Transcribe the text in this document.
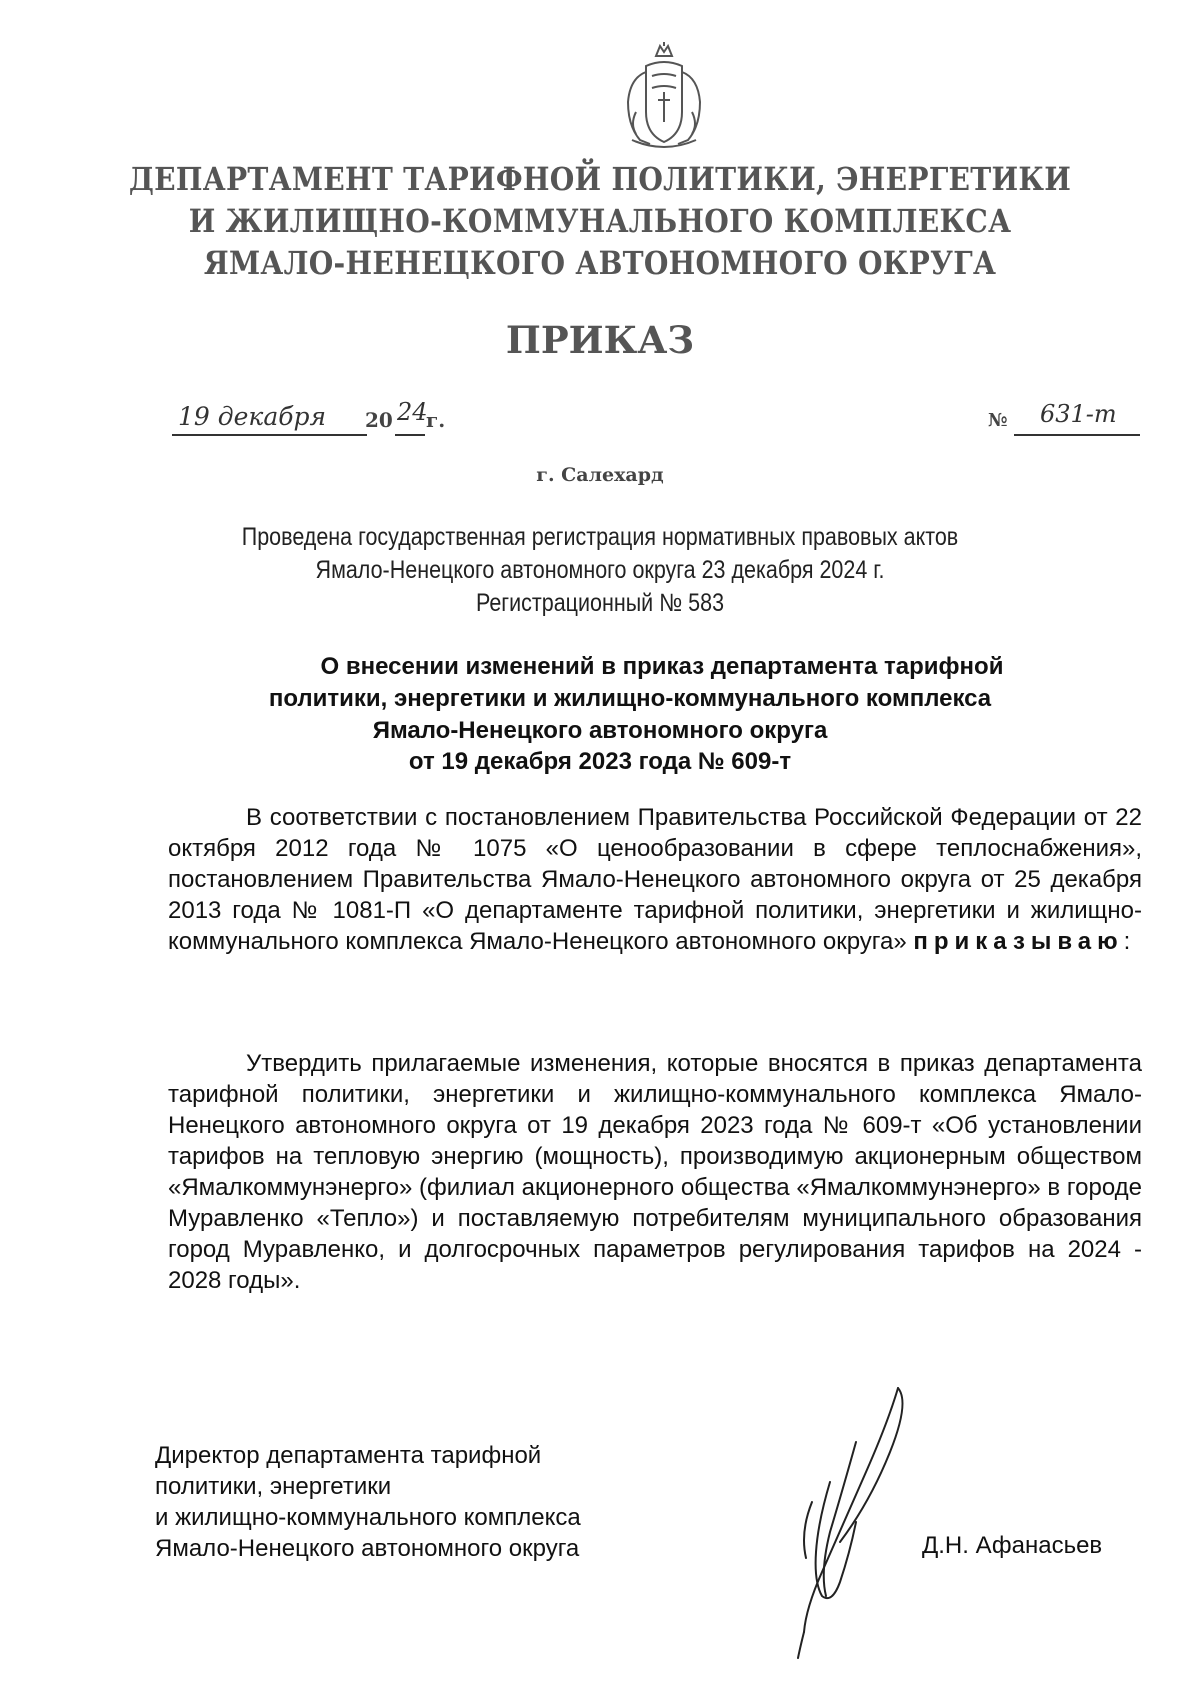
ДЕПАРТАМЕНТ ТАРИФНОЙ ПОЛИТИКИ, ЭНЕРГЕТИКИ
И ЖИЛИЩНО-КОММУНАЛЬНОГО КОМПЛЕКСА
ЯМАЛО-НЕНЕЦКОГО АВТОНОМНОГО ОКРУГА
ПРИКАЗ
19 декабря 20 24
г.	№ 631-т
г. Салехард
Проведена государственная регистрация нормативных правовых актов
Ямало-Ненецкого автономного округа 23 декабря 2024 г.
Регистрационный № 583
О внесении изменений в приказ департамента тарифной
политики, энергетики и жилищно-коммунального комплекса
Ямало-Ненецкого автономного округа
от 19 декабря 2023 года № 609-т

В соответствии с постановлением Правительства Российской Федерации от 22 октября 2012 года № 1075 «О ценообразовании в сфере теплоснабжения», постановлением Правительства Ямало-Ненецкого автономного округа от 25 декабря 2013 года № 1081-П «О департаменте тарифной политики, энергетики и жилищно-коммунального комплекса Ямало-Ненецкого автономного округа» приказываю:

Утвердить прилагаемые изменения, которые вносятся в приказ департамента тарифной политики, энергетики и жилищно-коммунального комплекса Ямало-Ненецкого автономного округа от 19 декабря 2023 года № 609-т «Об установлении тарифов на тепловую энергию (мощность), производимую акционерным обществом «Ямалкоммунэнерго» (филиал акционерного общества «Ямалкоммунэнерго» в городе Муравленко «Тепло») и поставляемую потребителям муниципального образования город Муравленко, и долгосрочных параметров регулирования тарифов на 2024 - 2028 годы».

Директор департамента тарифной
политики, энергетики
и жилищно-коммунального комплекса
Ямало-Ненецкого автономного округа	Д.Н. Афанасьев
